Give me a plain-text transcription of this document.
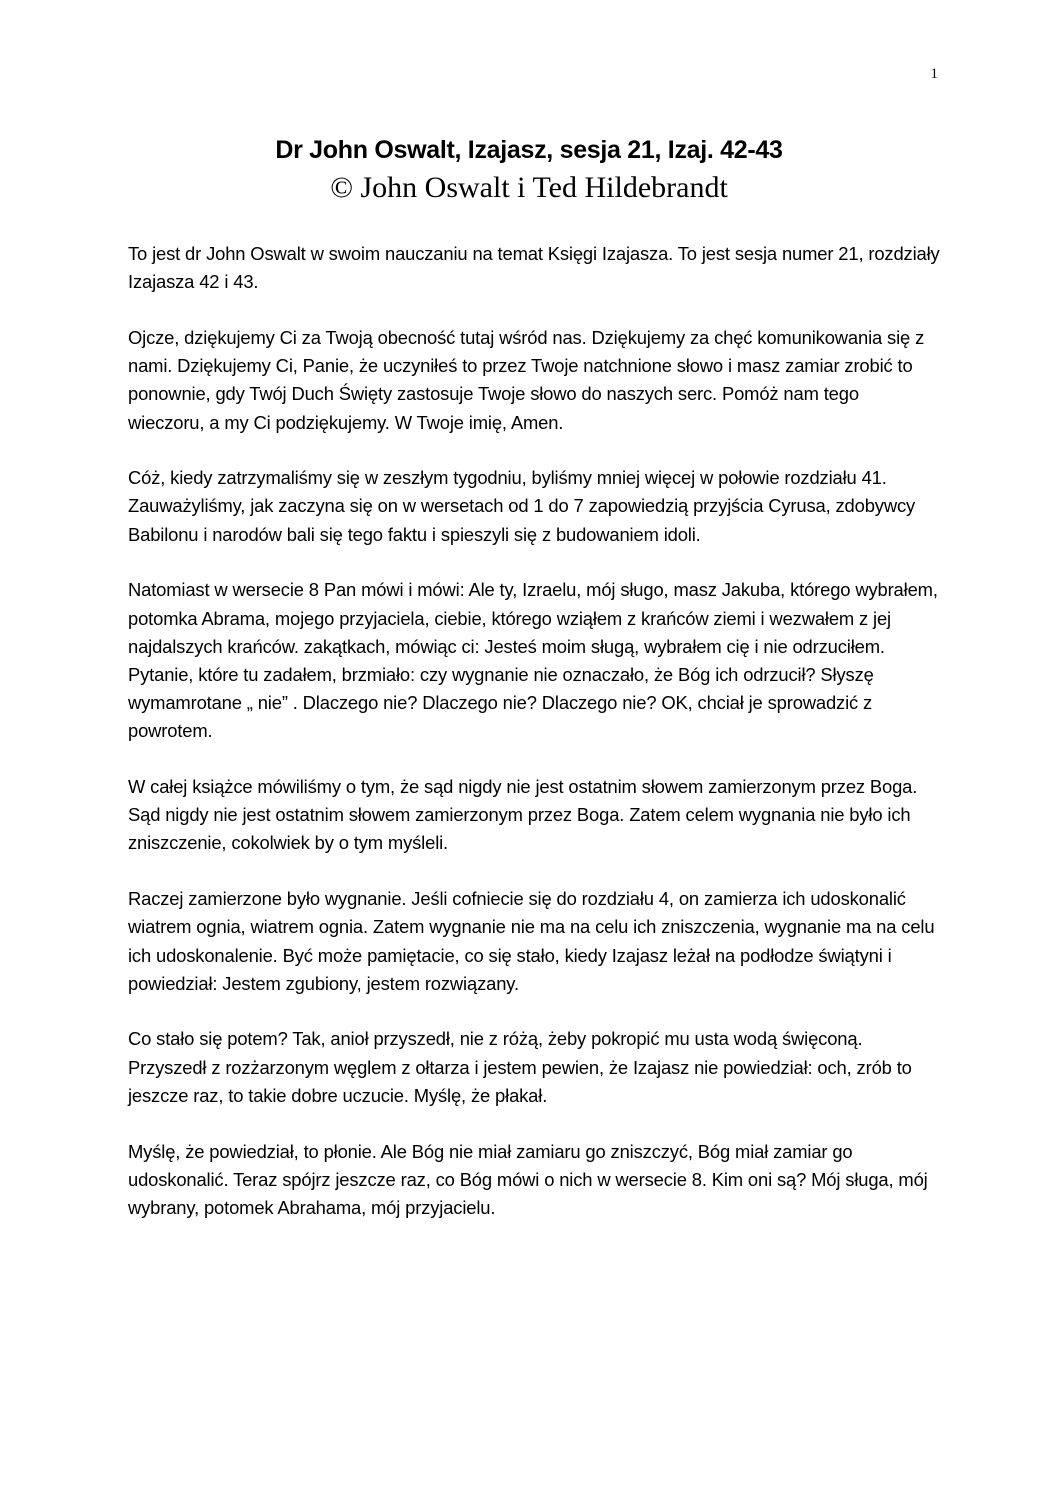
1
Dr John Oswalt, Izajasz, sesja 21, Izaj. 42-43
© John Oswalt i Ted Hildebrandt

To jest dr John Oswalt w swoim nauczaniu na temat Księgi Izajasza. To jest sesja numer 21, rozdziały Izajasza 42 i 43.

Ojcze, dziękujemy Ci za Twoją obecność tutaj wśród nas. Dziękujemy za chęć komunikowania się z nami. Dziękujemy Ci, Panie, że uczyniłeś to przez Twoje natchnione słowo i masz zamiar zrobić to ponownie, gdy Twój Duch Święty zastosuje Twoje słowo do naszych serc. Pomóż nam tego wieczoru, a my Ci podziękujemy. W Twoje imię, Amen.

Cóż, kiedy zatrzymaliśmy się w zeszłym tygodniu, byliśmy mniej więcej w połowie rozdziału 41. Zauważyliśmy, jak zaczyna się on w wersetach od 1 do 7 zapowiedzią przyjścia Cyrusa, zdobywcy Babilonu i narodów bali się tego faktu i spieszyli się z budowaniem idoli.

Natomiast w wersecie 8 Pan mówi i mówi: Ale ty, Izraelu, mój sługo, masz Jakuba, którego wybrałem, potomka Abrama, mojego przyjaciela, ciebie, którego wziąłem z krańców ziemi i wezwałem z jej najdalszych krańców. zakątkach, mówiąc ci: Jesteś moim sługą, wybrałem cię i nie odrzuciłem. Pytanie, które tu zadałem, brzmiało: czy wygnanie nie oznaczało, że Bóg ich odrzucił? Słyszę wymamrotane „ nie” . Dlaczego nie? Dlaczego nie? Dlaczego nie? OK, chciał je sprowadzić z powrotem.

W całej książce mówiliśmy o tym, że sąd nigdy nie jest ostatnim słowem zamierzonym przez Boga. Sąd nigdy nie jest ostatnim słowem zamierzonym przez Boga. Zatem celem wygnania nie było ich zniszczenie, cokolwiek by o tym myśleli.

Raczej zamierzone było wygnanie. Jeśli cofniecie się do rozdziału 4, on zamierza ich udoskonalić wiatrem ognia, wiatrem ognia. Zatem wygnanie nie ma na celu ich zniszczenia, wygnanie ma na celu ich udoskonalenie. Być może pamiętacie, co się stało, kiedy Izajasz leżał na podłodze świątyni i powiedział: Jestem zgubiony, jestem rozwiązany.

Co stało się potem? Tak, anioł przyszedł, nie z różą, żeby pokropić mu usta wodą święconą. Przyszedł z rozżarzonym węglem z ołtarza i jestem pewien, że Izajasz nie powiedział: och, zrób to jeszcze raz, to takie dobre uczucie. Myślę, że płakał.

Myślę, że powiedział, to płonie. Ale Bóg nie miał zamiaru go zniszczyć, Bóg miał zamiar go udoskonalić. Teraz spójrz jeszcze raz, co Bóg mówi o nich w wersecie 8. Kim oni są? Mój sługa, mój wybrany, potomek Abrahama, mój przyjacielu.
